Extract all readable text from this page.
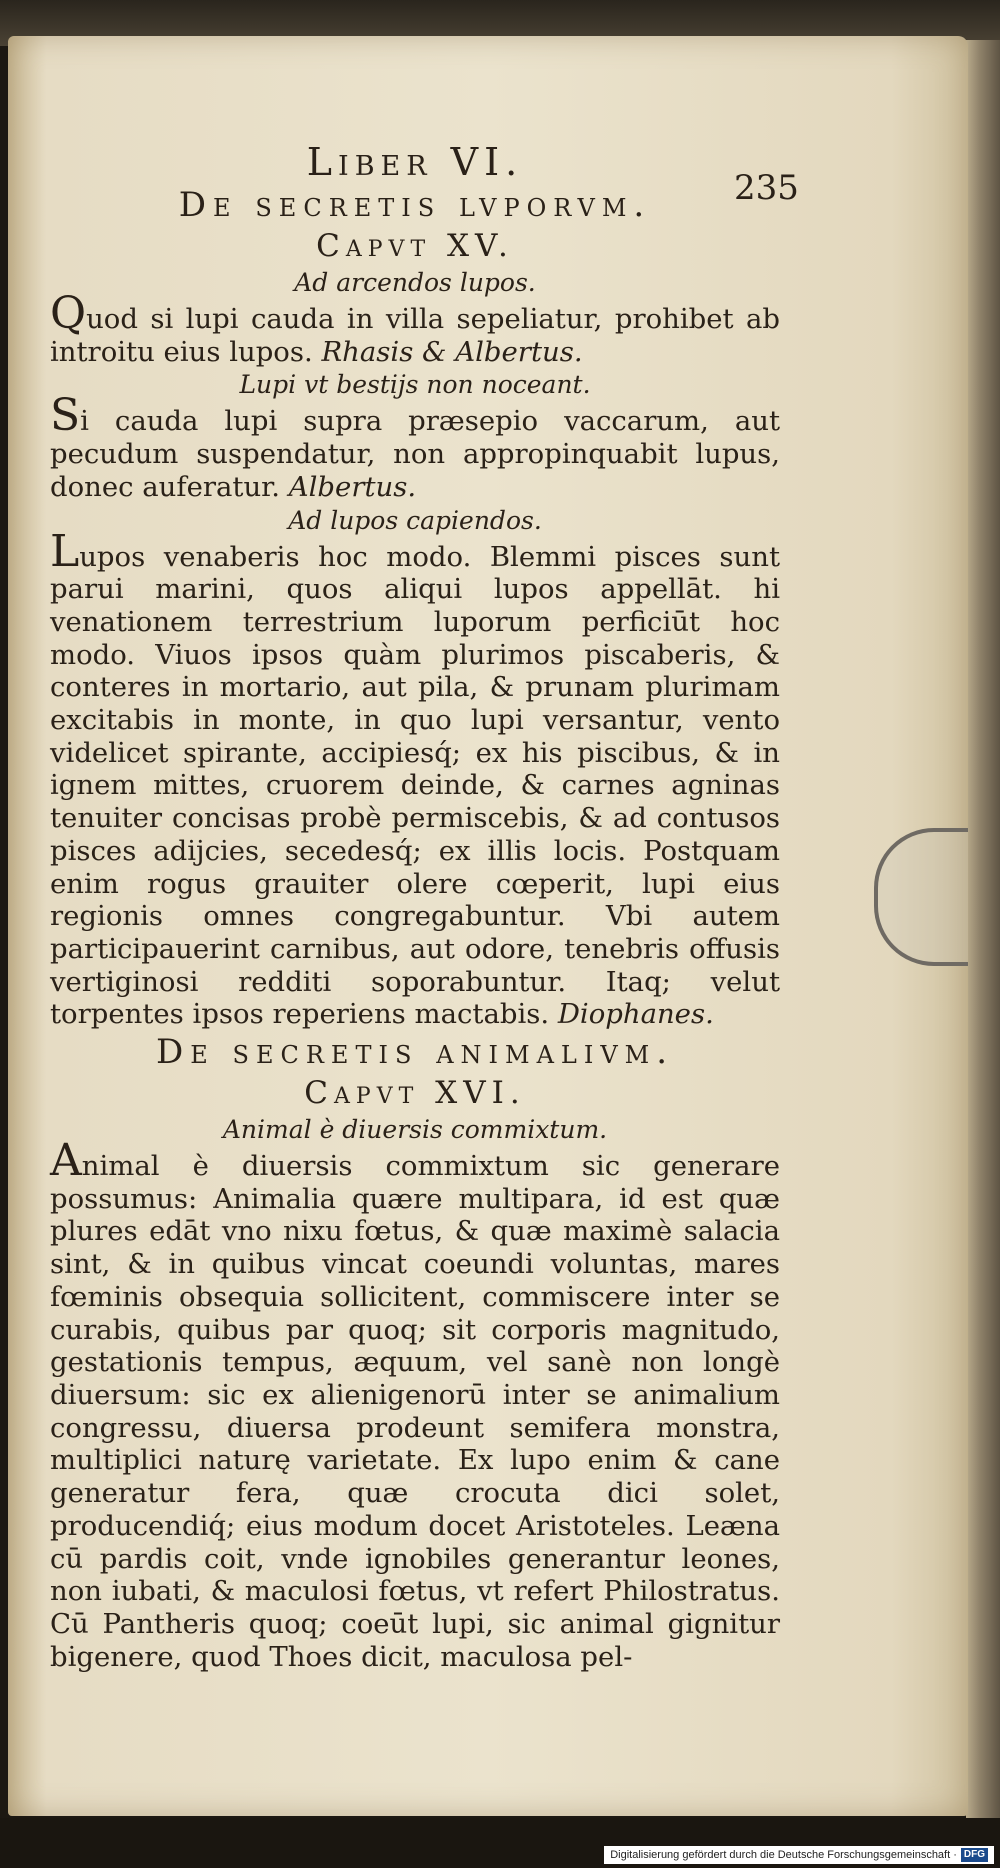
235
Liber VI.
De secretis lvporvm.
Capvt XV.
Ad arcendos lupos.

Quod si lupi cauda in villa sepeliatur, prohibet ab introitu eius lupos. Rhasis & Albertus.

Lupi vt bestijs non noceant.

Si cauda lupi supra præsepio vaccarum, aut pecudum suspendatur, non appropinquabit lupus, donec auferatur. Albertus.

Ad lupos capiendos.

Lupos venaberis hoc modo. Blemmi pisces sunt parui marini, quos aliqui lupos appellāt. hi venationem terrestrium luporum perficiūt hoc modo. Viuos ipsos quàm plurimos piscaberis, & conteres in mortario, aut pila, & prunam plurimam excitabis in monte, in quo lupi versantur, vento videlicet spirante, accipiesq́; ex his piscibus, & in ignem mittes, cruorem deinde, & carnes agninas tenuiter concisas probè permiscebis, & ad contusos pisces adijcies, secedesq́; ex illis locis. Postquam enim rogus grauiter olere cœperit, lupi eius regionis omnes congregabuntur. Vbi autem participauerint carnibus, aut odore, tenebris offusis vertiginosi redditi soporabuntur. Itaq; velut torpentes ipsos reperiens mactabis. Diophanes.

De secretis animalivm.
Capvt XVI.
Animal è diuersis commixtum.

Animal è diuersis commixtum sic generare possumus: Animalia quære multipara, id est quæ plures edāt vno nixu fœtus, & quæ maximè salacia sint, & in quibus vincat coeundi voluntas, mares fœminis obsequia sollicitent, commiscere inter se curabis, quibus par quoq; sit corporis magnitudo, gestationis tempus, æquum, vel sanè non longè diuersum: sic ex alienigenorū inter se animalium congressu, diuersa prodeunt semifera monstra, multiplici naturę varietate. Ex lupo enim & cane generatur fera, quæ crocuta dici solet, producendiq́; eius modum docet Aristoteles. Leæna cū pardis coit, vnde ignobiles generantur leones, non iubati, & maculosi fœtus, vt refert Philostratus. Cū Pantheris quoq; coeūt lupi, sic animal gignitur bigenere, quod Thoes dicit, maculosa pel-

Digitalisierung gefördert durch die Deutsche Forschungsgemeinschaft · DFG
